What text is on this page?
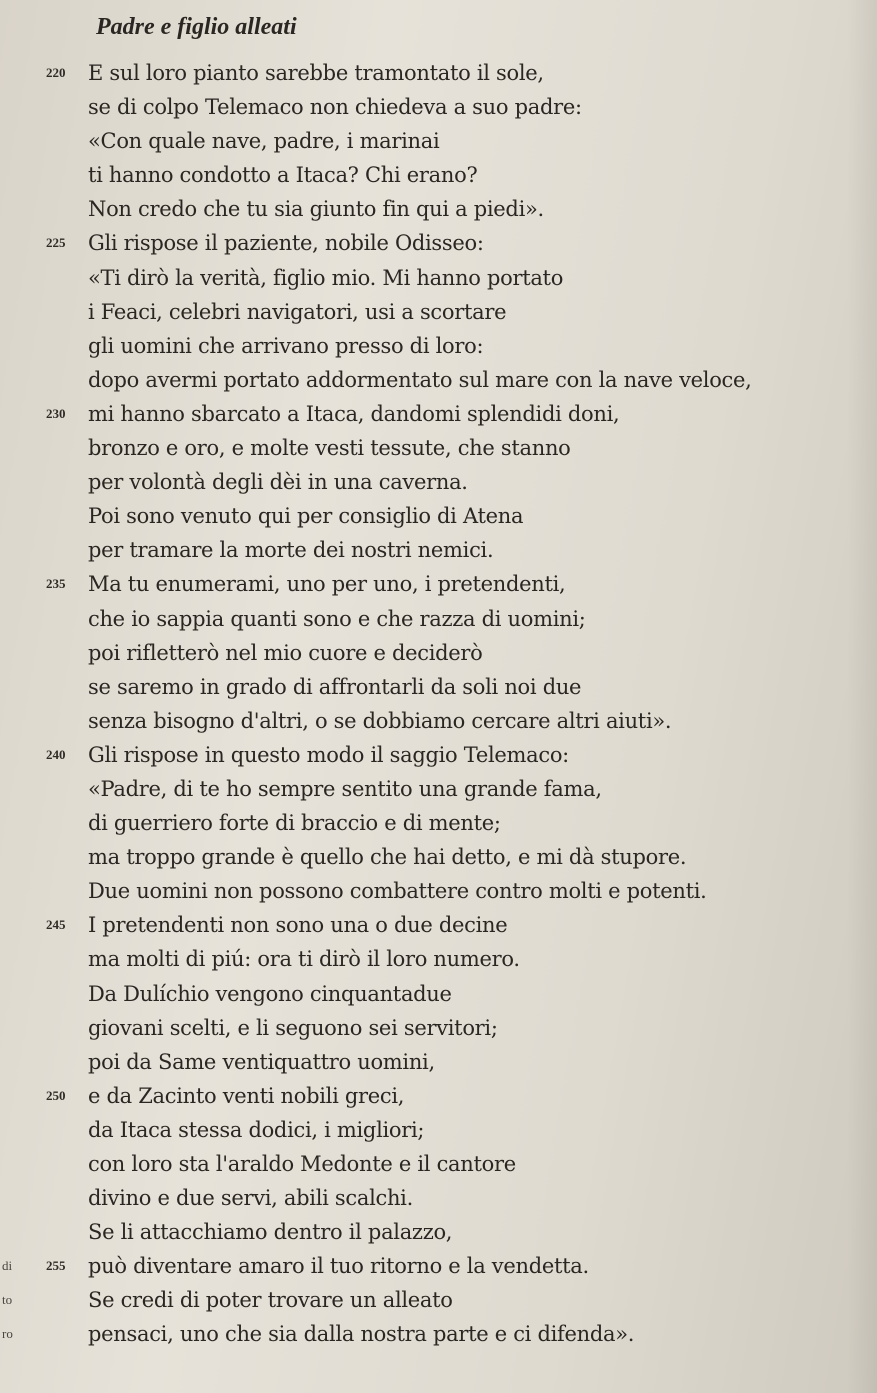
Padre e figlio alleati
220	E sul loro pianto sarebbe tramontato il sole,
se di colpo Telemaco non chiedeva a suo padre:
«Con quale nave, padre, i marinai
ti hanno condotto a Itaca? Chi erano?
Non credo che tu sia giunto fin qui a piedi».
225	Gli rispose il paziente, nobile Odisseo:
«Ti dirò la verità, figlio mio. Mi hanno portato
i Feaci, celebri navigatori, usi a scortare
gli uomini che arrivano presso di loro:
dopo avermi portato addormentato sul mare con la nave veloce,
230	mi hanno sbarcato a Itaca, dandomi splendidi doni,
bronzo e oro, e molte vesti tessute, che stanno
per volontà degli dèi in una caverna.
Poi sono venuto qui per consiglio di Atena
per tramare la morte dei nostri nemici.
235	Ma tu enumerami, uno per uno, i pretendenti,
che io sappia quanti sono e che razza di uomini;
poi rifletterò nel mio cuore e deciderò
se saremo in grado di affrontarli da soli noi due
senza bisogno d'altri, o se dobbiamo cercare altri aiuti».
240	Gli rispose in questo modo il saggio Telemaco:
«Padre, di te ho sempre sentito una grande fama,
di guerriero forte di braccio e di mente;
ma troppo grande è quello che hai detto, e mi dà stupore.
Due uomini non possono combattere contro molti e potenti.
245	I pretendenti non sono una o due decine
ma molti di piú: ora ti dirò il loro numero.
Da Dulíchio vengono cinquantadue
giovani scelti, e li seguono sei servitori;
poi da Same ventiquattro uomini,
250	e da Zacinto venti nobili greci,
da Itaca stessa dodici, i migliori;
con loro sta l'araldo Medonte e il cantore
divino e due servi, abili scalchi.
Se li attacchiamo dentro il palazzo,
di	255	può diventare amaro il tuo ritorno e la vendetta.
to	Se credi di poter trovare un alleato
ro	pensaci, uno che sia dalla nostra parte e ci difenda».
